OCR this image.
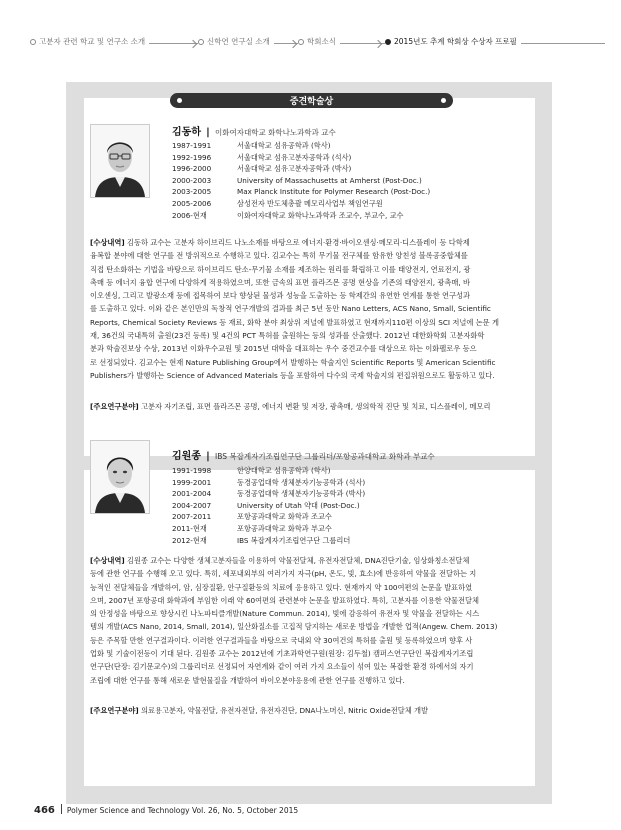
고분자 관련 학교 및 연구소 소개	신학연 연구실 소개	학회소식	2015년도 추계 학회상 수상자 프로필
중견학술상
김동하 | 이화여자대학교 화학나노과학과 교수
1987-1991	서울대학교 섬유공학과 (학사)
1992-1996	서울대학교 섬유고분자공학과 (석사)
1996-2000	서울대학교 섬유고분자공학과 (박사)
2000-2003	University of Massachusetts at Amherst (Post-Doc.)
2003-2005	Max Planck Institute for Polymer Research (Post-Doc.)
2005-2006	삼성전자 반도체총괄 메모리사업부 책임연구원
2006-현재	이화여자대학교 화학나노과학과 조교수, 부교수, 교수
[수상내역] 김동하 교수는 고분자 하이브리드 나노소재를 바탕으로 에너지·환경·바이오센싱·메모리·디스플레이 등 다학제
융복합 분야에 대한 연구를 전 방위적으로 수행하고 있다. 김교수는 특히 무기물 전구체를 함유한 양친성 블록공중합체를
직접 탄소화하는 기법을 바탕으로 하이브리드 탄소-무기물 소재를 제조하는 원리를 확립하고 이를 태양전지, 연료전지, 광
촉매 등 에너지 융합 연구에 다양하게 적용하였으며, 또한 금속의 표면 플라즈몬 공명 현상을 기존의 태양전지, 광촉매, 바
이오센싱, 그리고 발광소재 등에 접목하여 보다 향상된 물성과 성능을 도출하는 등 학제간의 유연한 연계를 통한 연구성과
를 도출하고 있다. 이와 같은 본인만의 독창적 연구개발의 결과를 최근 5년 동안 Nano Letters, ACS Nano, Small, Scientific
Reports, Chemical Society Reviews 등 재료, 화학 분야 최상위 저널에 발표하였고 현재까지110편 이상의 SCI 저널에 논문 게
재, 36건의 국내특허 출원(23건 등록) 및 4건의 PCT 특허를 출원하는 등의 성과를 산출했다. 2012년 대한화학회 고분자화학
분과 학술진보상 수상, 2013년 이화우수교원 및 2015년 대학을 대표하는 우수 중견교수를 대상으로 하는 이화펠로우 등으
로 선정되었다. 김교수는 현재 Nature Publishing Group에서 발행하는 학술지인 Scientific Reports 및 American Scientific
Publishers가 발행하는 Science of Advanced Materials 등을 포함하여 다수의 국제 학술지의 편집위원으로도 활동하고 있다.
[주요연구분야] 고분자 자기조립, 표면 플라즈몬 공명, 에너지 변환 및 저장, 광촉매, 생의학적 진단 및 치료, 디스플레이, 메모리
김원종 | IBS 복잡계자기조립연구단 그룹리더/포항공과대학교 화학과 부교수
1991-1998	한양대학교 섬유공학과 (학사)
1999-2001	동경공업대학 생체분자기능공학과 (석사)
2001-2004	동경공업대학 생체분자기능공학과 (박사)
2004-2007	University of Utah 약대 (Post-Doc.)
2007-2011	포항공과대학교 화학과 조교수
2011-현재	포항공과대학교 화학과 부교수
2012-현재	IBS 복잡계자기조립연구단 그룹리더
[수상내역] 김원종 교수는 다양한 생체고분자들을 이용하여 약물전달체, 유전자전달체, DNA진단기술, 임상화칭소전달체
등에 관한 연구를 수행해 오고 있다. 특히, 세포내외부의 여러가지 자극(pH, 온도, 빛, 효소)에 반응하여 약물을 전달하는 지
능적인 전달체들을 개발하여, 암, 심장질환, 안구질환등의 치료에 응용하고 있다. 현재까지 약 100여편의 논문을 발표하였
으며, 2007년 포항공대 화학과에 부임한 이래 약 60여편의 관련분야 논문을 발표하였다. 특히, 고분자를 이용한 약물전달체
의 안정성을 바탕으로 향상시킨 나노파티클개발(Nature Commun. 2014), 빛에 감응하여 유전자 및 약물을 전달하는 시스
템의 개발(ACS Nano, 2014, Small, 2014), 일산화질소를 고집적 담지하는 새로운 방법을 개발한 업적(Angew. Chem. 2013)
등은 주목할 만한 연구결과이다. 이러한 연구결과들을 바탕으로 국내외 약 30여건의 특허를 출원 및 등록하였으며 향후 사
업화 및 기술이전등이 기대 된다. 김원종 교수는 2012년에 기초과학연구원(원장: 김두철) 캠퍼스연구단인 복잡계자기조립
연구단(단장: 김기문교수)의 그룹리더로 선정되어 자연계와 같이 여러 가지 요소들이 섞여 있는 복잡한 환경 하에서의 자기
조립에 대한 연구를 통해 새로운 발현물질을 개발하여 바이오분야응용에 관한 연구를 진행하고 있다.
[주요연구분야] 의료용고분자, 약물전달, 유전자전달, 유전자진단, DNA나노머신, Nitric Oxide전달체 개발
466 Polymer Science and Technology Vol. 26, No. 5, October 2015
